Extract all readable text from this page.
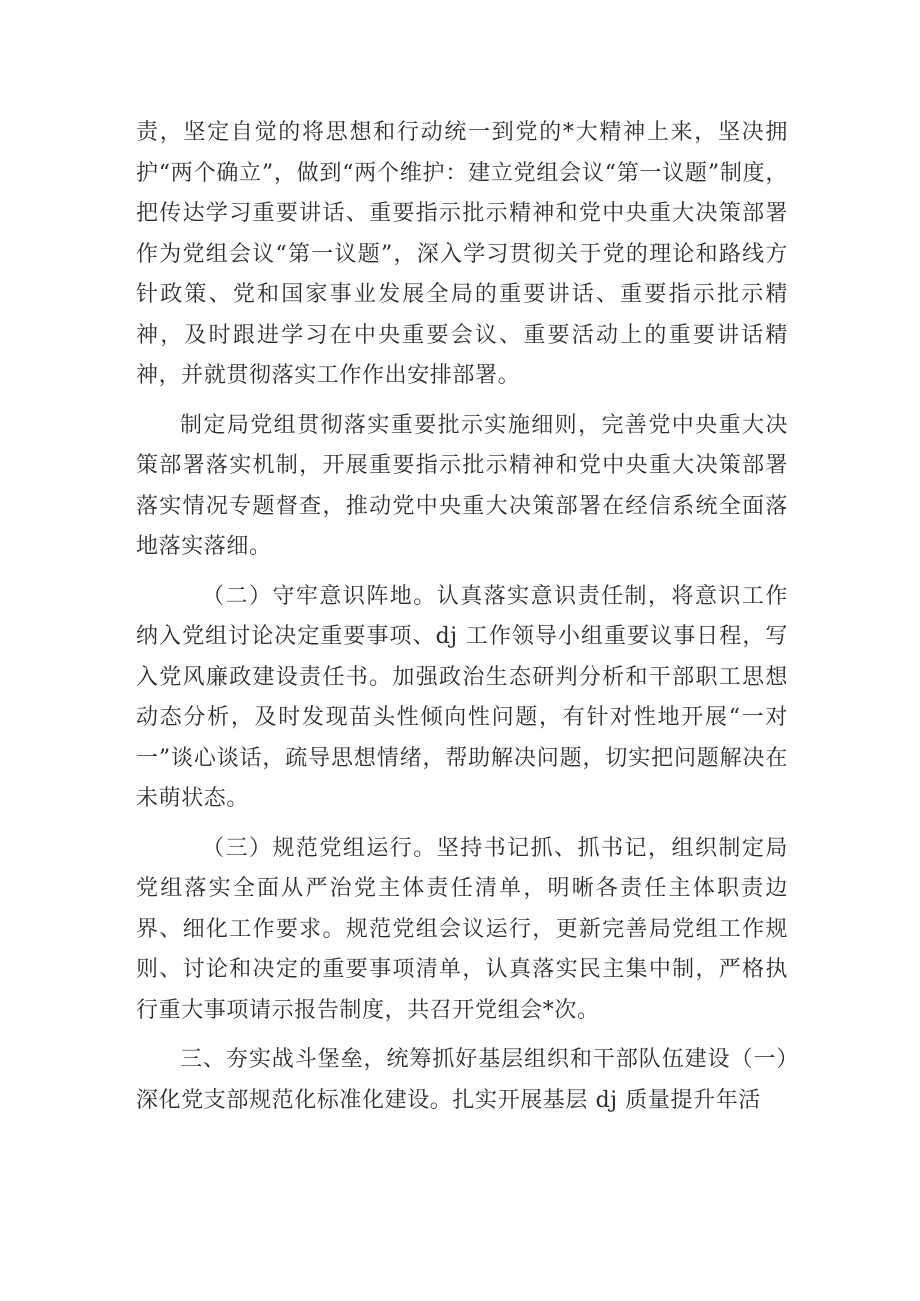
责，坚定自觉的将思想和行动统一到党的*大精神上来，坚决拥护“两个确立”，做到“两个维护：建立党组会议“第一议题”制度，把传达学习重要讲话、重要指示批示精神和党中央重大决策部署作为党组会议“第一议题”，深入学习贯彻关于党的理论和路线方针政策、党和国家事业发展全局的重要讲话、重要指示批示精神，及时跟进学习在中央重要会议、重要活动上的重要讲话精神，并就贯彻落实工作作出安排部署。

制定局党组贯彻落实重要批示实施细则，完善党中央重大决策部署落实机制，开展重要指示批示精神和党中央重大决策部署落实情况专题督查，推动党中央重大决策部署在经信系统全面落地落实落细。

（二）守牢意识阵地。认真落实意识责任制，将意识工作纳入党组讨论决定重要事项、dj 工作领导小组重要议事日程，写入党风廉政建设责任书。加强政治生态研判分析和干部职工思想动态分析，及时发现苗头性倾向性问题，有针对性地开展“一对一”谈心谈话，疏导思想情绪，帮助解决问题，切实把问题解决在未萌状态。

（三）规范党组运行。坚持书记抓、抓书记，组织制定局党组落实全面从严治党主体责任清单，明晰各责任主体职责边界、细化工作要求。规范党组会议运行，更新完善局党组工作规则、讨论和决定的重要事项清单，认真落实民主集中制，严格执行重大事项请示报告制度，共召开党组会*次。

三、夯实战斗堡垒，统筹抓好基层组织和干部队伍建设（一）深化党支部规范化标准化建设。扎实开展基层 dj 质量提升年活
